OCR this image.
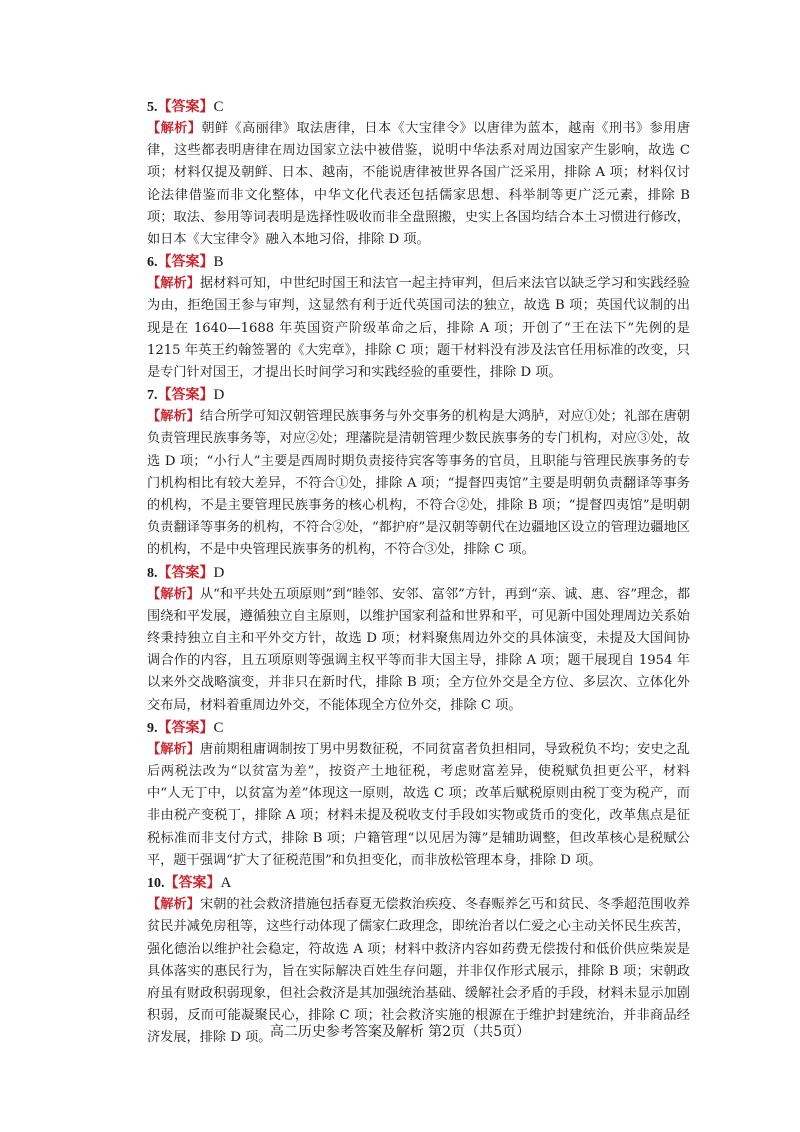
5.【答案】C

【解析】朝鲜《高丽律》取法唐律，日本《大宝律令》以唐律为蓝本，越南《刑书》参用唐律，这些都表明唐律在周边国家立法中被借鉴，说明中华法系对周边国家产生影响，故选 C 项；材料仅提及朝鲜、日本、越南，不能说唐律被世界各国广泛采用，排除 A 项；材料仅讨论法律借鉴而非文化整体，中华文化代表还包括儒家思想、科举制等更广泛元素，排除 B 项；取法、参用等词表明是选择性吸收而非全盘照搬，史实上各国均结合本土习惯进行修改，如日本《大宝律令》融入本地习俗，排除 D 项。

6.【答案】B

【解析】据材料可知，中世纪时国王和法官一起主持审判，但后来法官以缺乏学习和实践经验为由，拒绝国王参与审判，这显然有利于近代英国司法的独立，故选 B 项；英国代议制的出现是在 1640—1688 年英国资产阶级革命之后，排除 A 项；开创了“王在法下”先例的是 1215 年英王约翰签署的《大宪章》，排除 C 项；题干材料没有涉及法官任用标准的改变，只是专门针对国王，才提出长时间学习和实践经验的重要性，排除 D 项。

7.【答案】D

【解析】结合所学可知汉朝管理民族事务与外交事务的机构是大鸿胪，对应①处；礼部在唐朝负责管理民族事务等，对应②处；理藩院是清朝管理少数民族事务的专门机构，对应③处，故选 D 项；“小行人”主要是西周时期负责接待宾客等事务的官员，且职能与管理民族事务的专门机构相比有较大差异，不符合①处，排除 A 项；“提督四夷馆”主要是明朝负责翻译等事务的机构，不是主要管理民族事务的核心机构，不符合②处，排除 B 项；“提督四夷馆”是明朝负责翻译等事务的机构，不符合②处，“都护府”是汉朝等朝代在边疆地区设立的管理边疆地区的机构，不是中央管理民族事务的机构，不符合③处，排除 C 项。

8.【答案】D

【解析】从“和平共处五项原则”到“睦邻、安邻、富邻”方针，再到“亲、诚、惠、容”理念，都围绕和平发展，遵循独立自主原则，以维护国家利益和世界和平，可见新中国处理周边关系始终秉持独立自主和平外交方针，故选 D 项；材料聚焦周边外交的具体演变，未提及大国间协调合作的内容，且五项原则等强调主权平等而非大国主导，排除 A 项；题干展现自 1954 年以来外交战略演变，并非只在新时代，排除 B 项；全方位外交是全方位、多层次、立体化外交布局，材料着重周边外交，不能体现全方位外交，排除 C 项。

9.【答案】C

【解析】唐前期租庸调制按丁男中男数征税，不同贫富者负担相同，导致税负不均；安史之乱后两税法改为“以贫富为差”，按资产土地征税，考虑财富差异，使税赋负担更公平，材料中“人无丁中，以贫富为差”体现这一原则，故选 C 项；改革后赋税原则由税丁变为税产，而非由税产变税丁，排除 A 项；材料未提及税收支付手段如实物或货币的变化，改革焦点是征税标准而非支付方式，排除 B 项；户籍管理“以见居为簿”是辅助调整，但改革核心是税赋公平，题干强调“扩大了征税范围”和负担变化，而非放松管理本身，排除 D 项。

10.【答案】A

【解析】宋朝的社会救济措施包括春夏无偿救治疾疫、冬春赈养乞丐和贫民、冬季超范围收养贫民并减免房租等，这些行动体现了儒家仁政理念，即统治者以仁爱之心主动关怀民生疾苦，强化德治以维护社会稳定，符故选 A 项；材料中救济内容如药费无偿拨付和低价供应柴炭是具体落实的惠民行为，旨在实际解决百姓生存问题，并非仅作形式展示，排除 B 项；宋朝政府虽有财政积弱现象，但社会救济是其加强统治基础、缓解社会矛盾的手段，材料未显示加剧积弱，反而可能凝聚民心，排除 C 项；社会救济实施的根源在于维护封建统治，并非商品经济发展，排除 D 项。

高二历史参考答案及解析 第2页（共5页）
